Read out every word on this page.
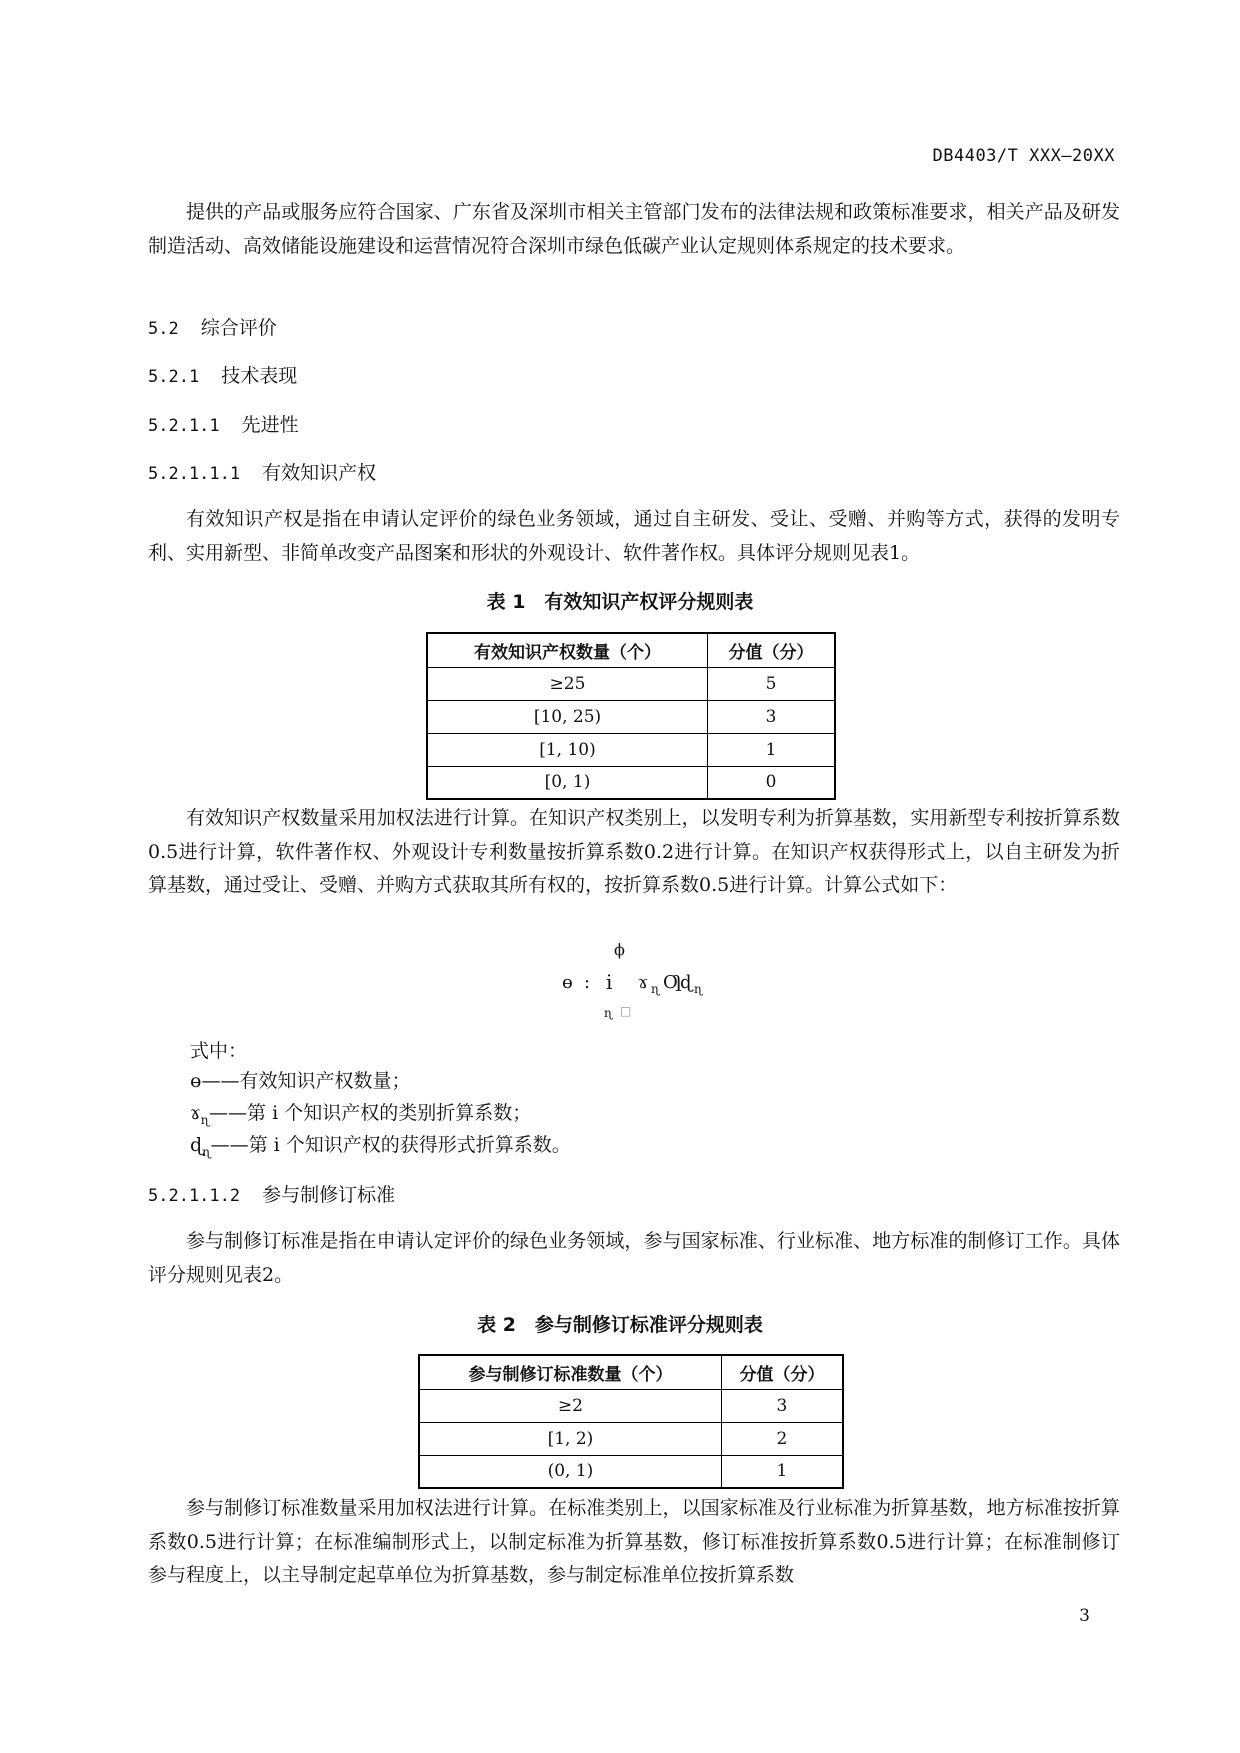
DB4403/T XXX—20XX
提供的产品或服务应符合国家、广东省及深圳市相关主管部门发布的法律法规和政策标准要求，相关产品及研发制造活动、高效储能设施建设和运营情况符合深圳市绿色低碳产业认定规则体系规定的技术要求。
5.2 综合评价
5.2.1 技术表现
5.2.1.1 先进性
5.2.1.1.1 有效知识产权
有效知识产权是指在申请认定评价的绿色业务领域，通过自主研发、受让、受赠、并购等方式，获得的发明专利、实用新型、非简单改变产品图案和形状的外观设计、软件著作权。具体评分规则见表1。
表 1　有效知识产权评分规则表
有效知识产权数量（个）	分值（分）
≥25	5
[10, 25)	3
[1, 10)	1
[0, 1)	0
有效知识产权数量采用加权法进行计算。在知识产权类别上，以发明专利为折算基数，实用新型专利按折算系数0.5进行计算，软件著作权、外观设计专利数量按折算系数0.2进行计算。在知识产权获得形式上，以自主研发为折算基数，通过受让、受赠、并购方式获取其所有权的，按折算系数0.5进行计算。计算公式如下：
ϕ
ɵ : i ɤ ɳ Ƣ
ɖ ɳ
ɳ □
式中：
ɵ——有效知识产权数量；
ɤ$_ɳ$——第 i 个知识产权的类别折算系数；
ɖ$_ɳ$——第 i 个知识产权的获得形式折算系数。
5.2.1.1.2 参与制修订标准
参与制修订标准是指在申请认定评价的绿色业务领域，参与国家标准、行业标准、地方标准的制修订工作。具体评分规则见表2。
表 2　参与制修订标准评分规则表
参与制修订标准数量（个）	分值（分）
≥2	3
[1, 2)	2
(0, 1)	1
参与制修订标准数量采用加权法进行计算。在标准类别上，以国家标准及行业标准为折算基数，地方标准按折算系数0.5进行计算；在标准编制形式上，以制定标准为折算基数，修订标准按折算系数0.5进行计算；在标准制修订参与程度上，以主导制定起草单位为折算基数，参与制定标准单位按折算系数
3
